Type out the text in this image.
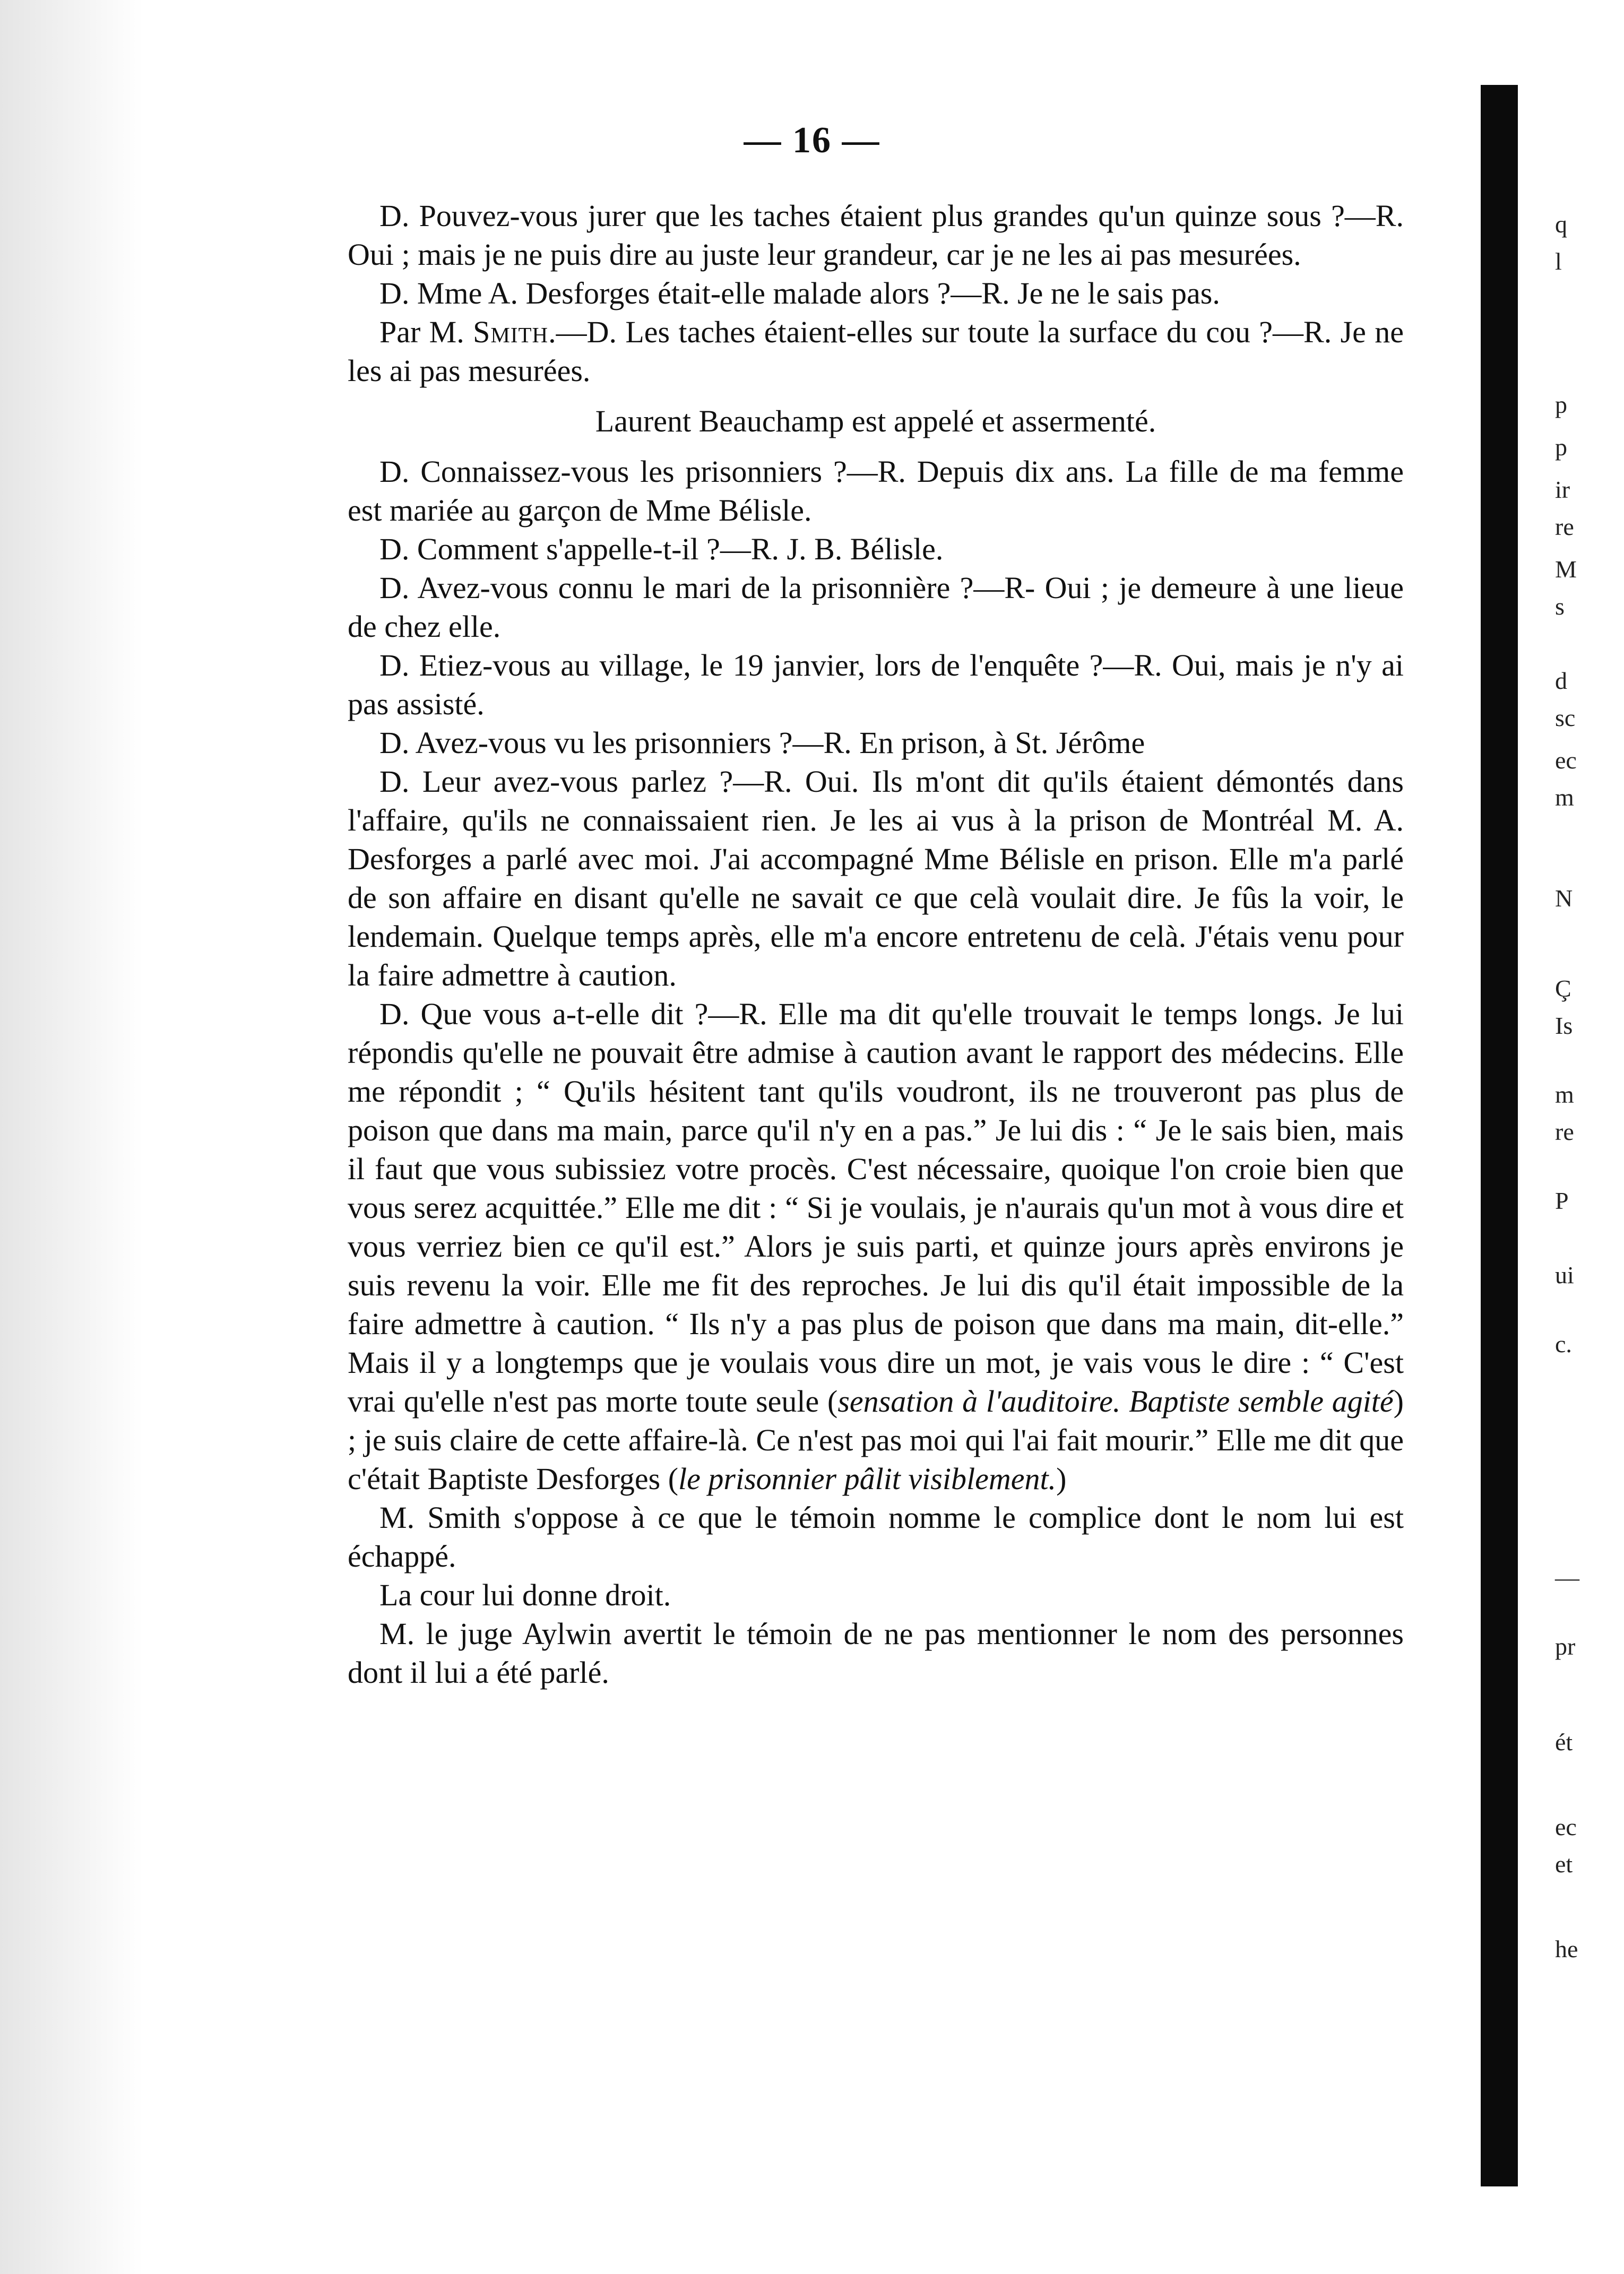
q
l
p
p
ir
re
M
s
d
sc
ec
m
N
Ç
Is
m
re
P
ui
c.
—
pr
ét
ec
et
he
— 16 —

D. Pouvez-vous jurer que les taches étaient plus grandes qu'un quinze sous ?—R. Oui ; mais je ne puis dire au juste leur grandeur, car je ne les ai pas mesurées.

D. Mme A. Desforges était-elle malade alors ?—R. Je ne le sais pas.

Par M. Smith.—D. Les taches étaient-elles sur toute la surface du cou ?—R. Je ne les ai pas mesurées.

Laurent Beauchamp est appelé et assermenté.

D. Connaissez-vous les prisonniers ?—R. Depuis dix ans. La fille de ma femme est mariée au garçon de Mme Bélisle.

D. Comment s'appelle-t-il ?—R. J. B. Bélisle.

D. Avez-vous connu le mari de la prisonnière ?—R- Oui ; je demeure à une lieue de chez elle.

D. Etiez-vous au village, le 19 janvier, lors de l'enquête ?—R. Oui, mais je n'y ai pas assisté.

D. Avez-vous vu les prisonniers ?—R. En prison, à St. Jérôme

D. Leur avez-vous parlez ?—R. Oui. Ils m'ont dit qu'ils étaient démontés dans l'affaire, qu'ils ne connaissaient rien. Je les ai vus à la prison de Montréal M. A. Desforges a parlé avec moi. J'ai accompagné Mme Bélisle en prison. Elle m'a parlé de son affaire en disant qu'elle ne savait ce que celà voulait dire. Je fûs la voir, le lendemain. Quelque temps après, elle m'a encore entretenu de celà. J'étais venu pour la faire admettre à caution.

D. Que vous a-t-elle dit ?—R. Elle ma dit qu'elle trouvait le temps longs. Je lui répondis qu'elle ne pouvait être admise à caution avant le rapport des médecins. Elle me répondit ; “ Qu'ils hésitent tant qu'ils voudront, ils ne trouveront pas plus de poison que dans ma main, parce qu'il n'y en a pas.” Je lui dis : “ Je le sais bien, mais il faut que vous subissiez votre procès. C'est nécessaire, quoique l'on croie bien que vous serez acquittée.” Elle me dit : “ Si je voulais, je n'aurais qu'un mot à vous dire et vous verriez bien ce qu'il est.” Alors je suis parti, et quinze jours après environs je suis revenu la voir. Elle me fit des reproches. Je lui dis qu'il était impossible de la faire admettre à caution. “ Ils n'y a pas plus de poison que dans ma main, dit-elle.” Mais il y a longtemps que je voulais vous dire un mot, je vais vous le dire : “ C'est vrai qu'elle n'est pas morte toute seule (sensation à l'auditoire. Baptiste semble agité) ; je suis claire de cette affaire-là. Ce n'est pas moi qui l'ai fait mourir.” Elle me dit que c'était Baptiste Desforges (le prisonnier pâlit visiblement.)

M. Smith s'oppose à ce que le témoin nomme le complice dont le nom lui est échappé.

La cour lui donne droit.

M. le juge Aylwin avertit le témoin de ne pas mentionner le nom des personnes dont il lui a été parlé.
